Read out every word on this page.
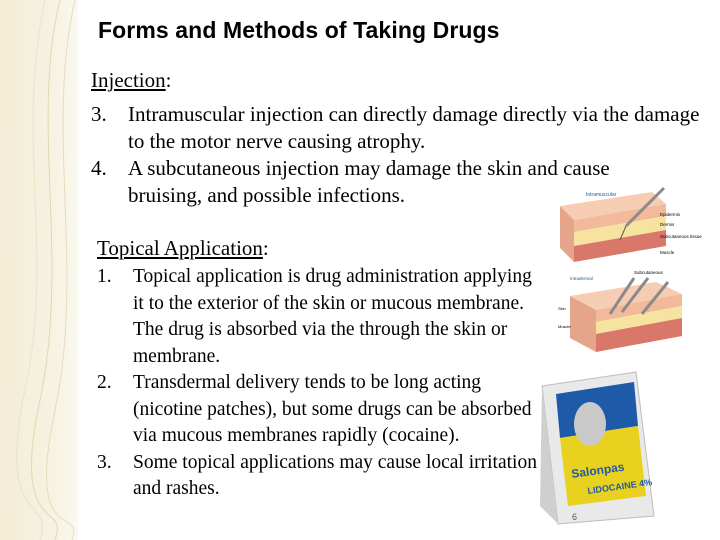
Forms and Methods of Taking Drugs
Injection:
3.	Intramuscular injection can directly damage directly via the damage to the motor nerve causing atrophy.
4.	A subcutaneous injection may damage the skin and cause bruising, and possible infections.
Topical Application:
1.	Topical application is drug administration applying it to the exterior of the skin or mucous membrane. The drug is absorbed via the through the skin or membrane.
2.	Transdermal delivery tends to be long acting (nicotine patches), but some drugs can be absorbed via mucous membranes rapidly (cocaine).
3.	Some topical applications may cause local irritation and rashes.
Intramuscular
Epidermis
Dermis
Subcutaneous tissue
Muscle
Intradermal
Subcutaneous
Skin
Muscle
Salonpas
LIDOCAINE 4%
6
